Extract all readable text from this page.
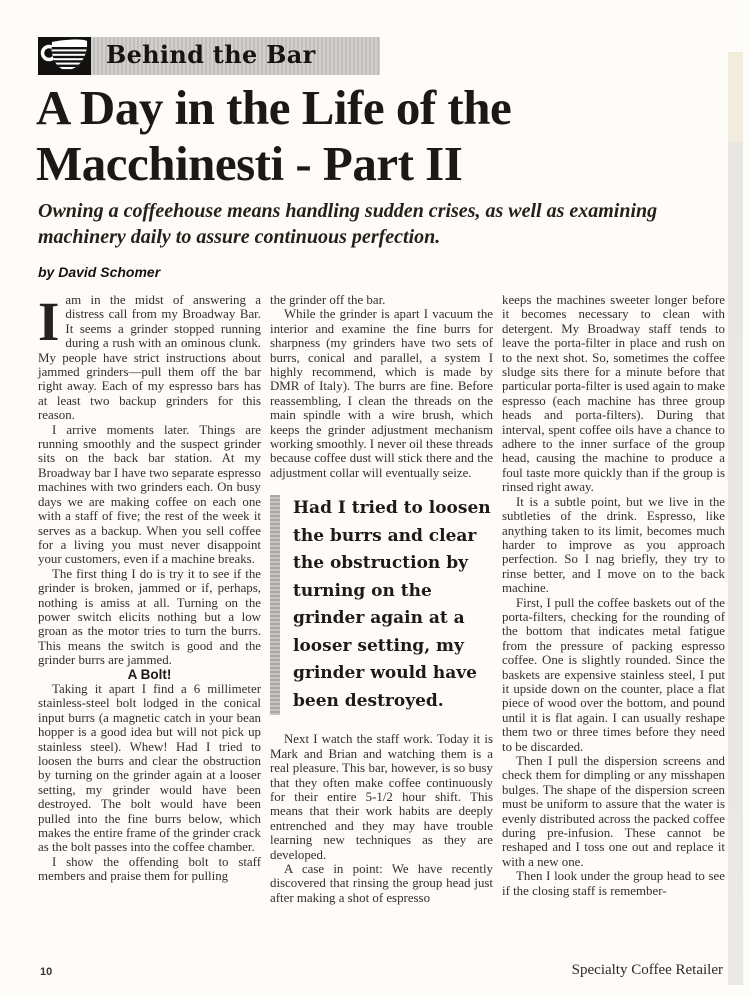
Behind the Bar
A Day in the Life of the
Macchinesti - Part II
Owning a coffeehouse means handling sudden crises, as well as examining machinery daily to assure continuous perfection.
by David Schomer

Iam in the midst of answering a distress call from my Broadway Bar. It seems a grinder stopped running during a rush with an ominous clunk. My people have strict instructions about jammed grinders—pull them off the bar right away. Each of my espresso bars has at least two backup grinders for this reason.

I arrive moments later. Things are running smoothly and the suspect grinder sits on the back bar station. At my Broadway bar I have two separate espresso machines with two grinders each. On busy days we are making coffee on each one with a staff of five; the rest of the week it serves as a backup. When you sell coffee for a living you must never disappoint your customers, even if a machine breaks.

The first thing I do is try it to see if the grinder is broken, jammed or if, perhaps, nothing is amiss at all. Turning on the power switch elicits nothing but a low groan as the motor tries to turn the burrs. This means the switch is good and the grinder burrs are jammed.

A Bolt!

Taking it apart I find a 6 millimeter stainless-steel bolt lodged in the conical input burrs (a magnetic catch in your bean hopper is a good idea but will not pick up stainless steel). Whew! Had I tried to loosen the burrs and clear the obstruction by turning on the grinder again at a looser setting, my grinder would have been destroyed. The bolt would have been pulled into the fine burrs below, which makes the entire frame of the grinder crack as the bolt passes into the coffee chamber.

I show the offending bolt to staff members and praise them for pulling

the grinder off the bar.

While the grinder is apart I vacuum the interior and examine the fine burrs for sharpness (my grinders have two sets of burrs, conical and parallel, a system I highly recommend, which is made by DMR of Italy). The burrs are fine. Before reassembling, I clean the threads on the main spindle with a wire brush, which keeps the grinder adjustment mechanism working smoothly. I never oil these threads because coffee dust will stick there and the adjustment collar will eventually seize.

Had I tried to loosen the burrs and clear the obstruction by turning on the grinder again at a looser setting, my grinder would have been destroyed.

Next I watch the staff work. Today it is Mark and Brian and watching them is a real pleasure. This bar, however, is so busy that they often make coffee continuously for their entire 5-1/2 hour shift. This means that their work habits are deeply entrenched and they may have trouble learning new techniques as they are developed.

A case in point: We have recently discovered that rinsing the group head just after making a shot of espresso

keeps the machines sweeter longer before it becomes necessary to clean with detergent. My Broadway staff tends to leave the porta-filter in place and rush on to the next shot. So, sometimes the coffee sludge sits there for a minute before that particular porta-filter is used again to make espresso (each machine has three group heads and porta-filters). During that interval, spent coffee oils have a chance to adhere to the inner surface of the group head, causing the machine to produce a foul taste more quickly than if the group is rinsed right away.

It is a subtle point, but we live in the subtleties of the drink. Espresso, like anything taken to its limit, becomes much harder to improve as you approach perfection. So I nag briefly, they try to rinse better, and I move on to the back machine.

First, I pull the coffee baskets out of the porta-filters, checking for the rounding of the bottom that indicates metal fatigue from the pressure of packing espresso coffee. One is slightly rounded. Since the baskets are expensive stainless steel, I put it upside down on the counter, place a flat piece of wood over the bottom, and pound until it is flat again. I can usually reshape them two or three times before they need to be discarded.

Then I pull the dispersion screens and check them for dimpling or any misshapen bulges. The shape of the dispersion screen must be uniform to assure that the water is evenly distributed across the packed coffee during pre-infusion. These cannot be reshaped and I toss one out and replace it with a new one.

Then I look under the group head to see if the closing staff is remember-

10	Specialty Coffee Retailer
